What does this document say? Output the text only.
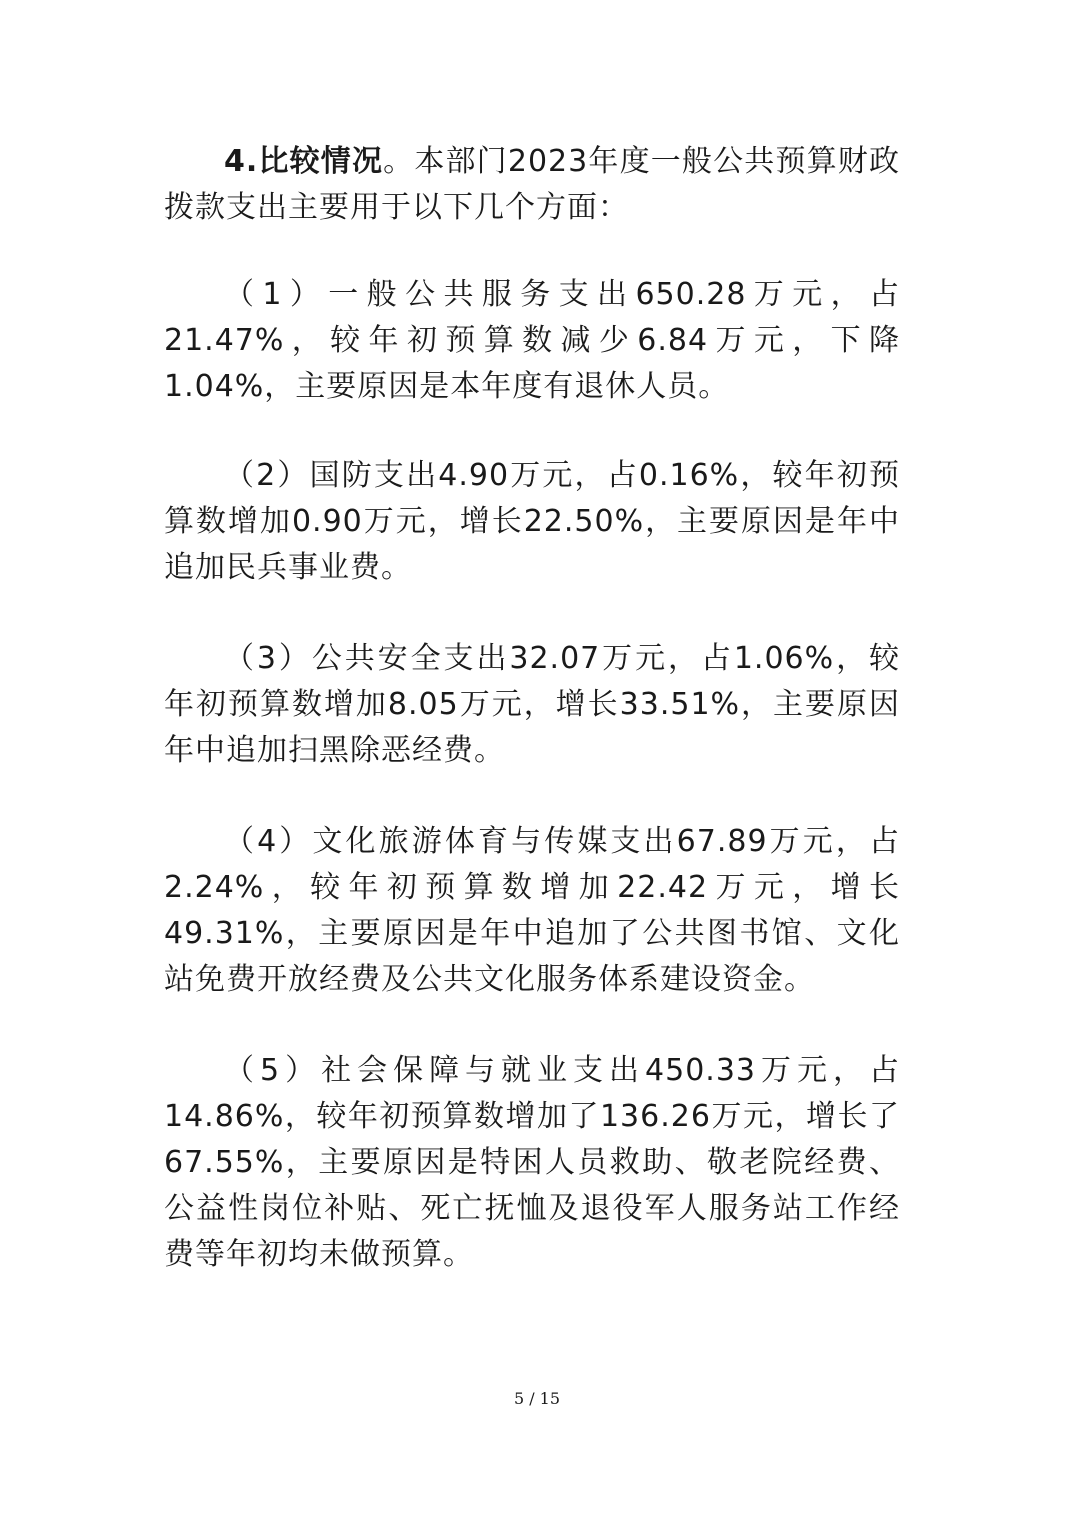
4.比较情况。本部门2023年度一般公共预算财政拨款支出主要用于以下几个方面：

（1）一般公共服务支出650.28万元，占 21.47%，较年初预算数减少6.84万元，下降1.04%，主要原因是本年度有退休人员。

（2）国防支出4.90万元，占0.16%，较年初预算数增加0.90万元，增长22.50%，主要原因是年中追加民兵事业费。

（3）公共安全支出32.07万元，占1.06%，较年初预算数增加8.05万元，增长33.51%，主要原因年中追加扫黑除恶经费。

（4）文化旅游体育与传媒支出67.89万元，占2.24%，较年初预算数增加22.42万元，增长49.31%，主要原因是年中追加了公共图书馆、文化站免费开放经费及公共文化服务体系建设资金。

（5）社会保障与就业支出450.33万元，占 14.86%，较年初预算数增加了136.26万元，增长了67.55%，主要原因是特困人员救助、敬老院经费、公益性岗位补贴、死亡抚恤及退役军人服务站工作经费等年初均未做预算。

5 / 15
